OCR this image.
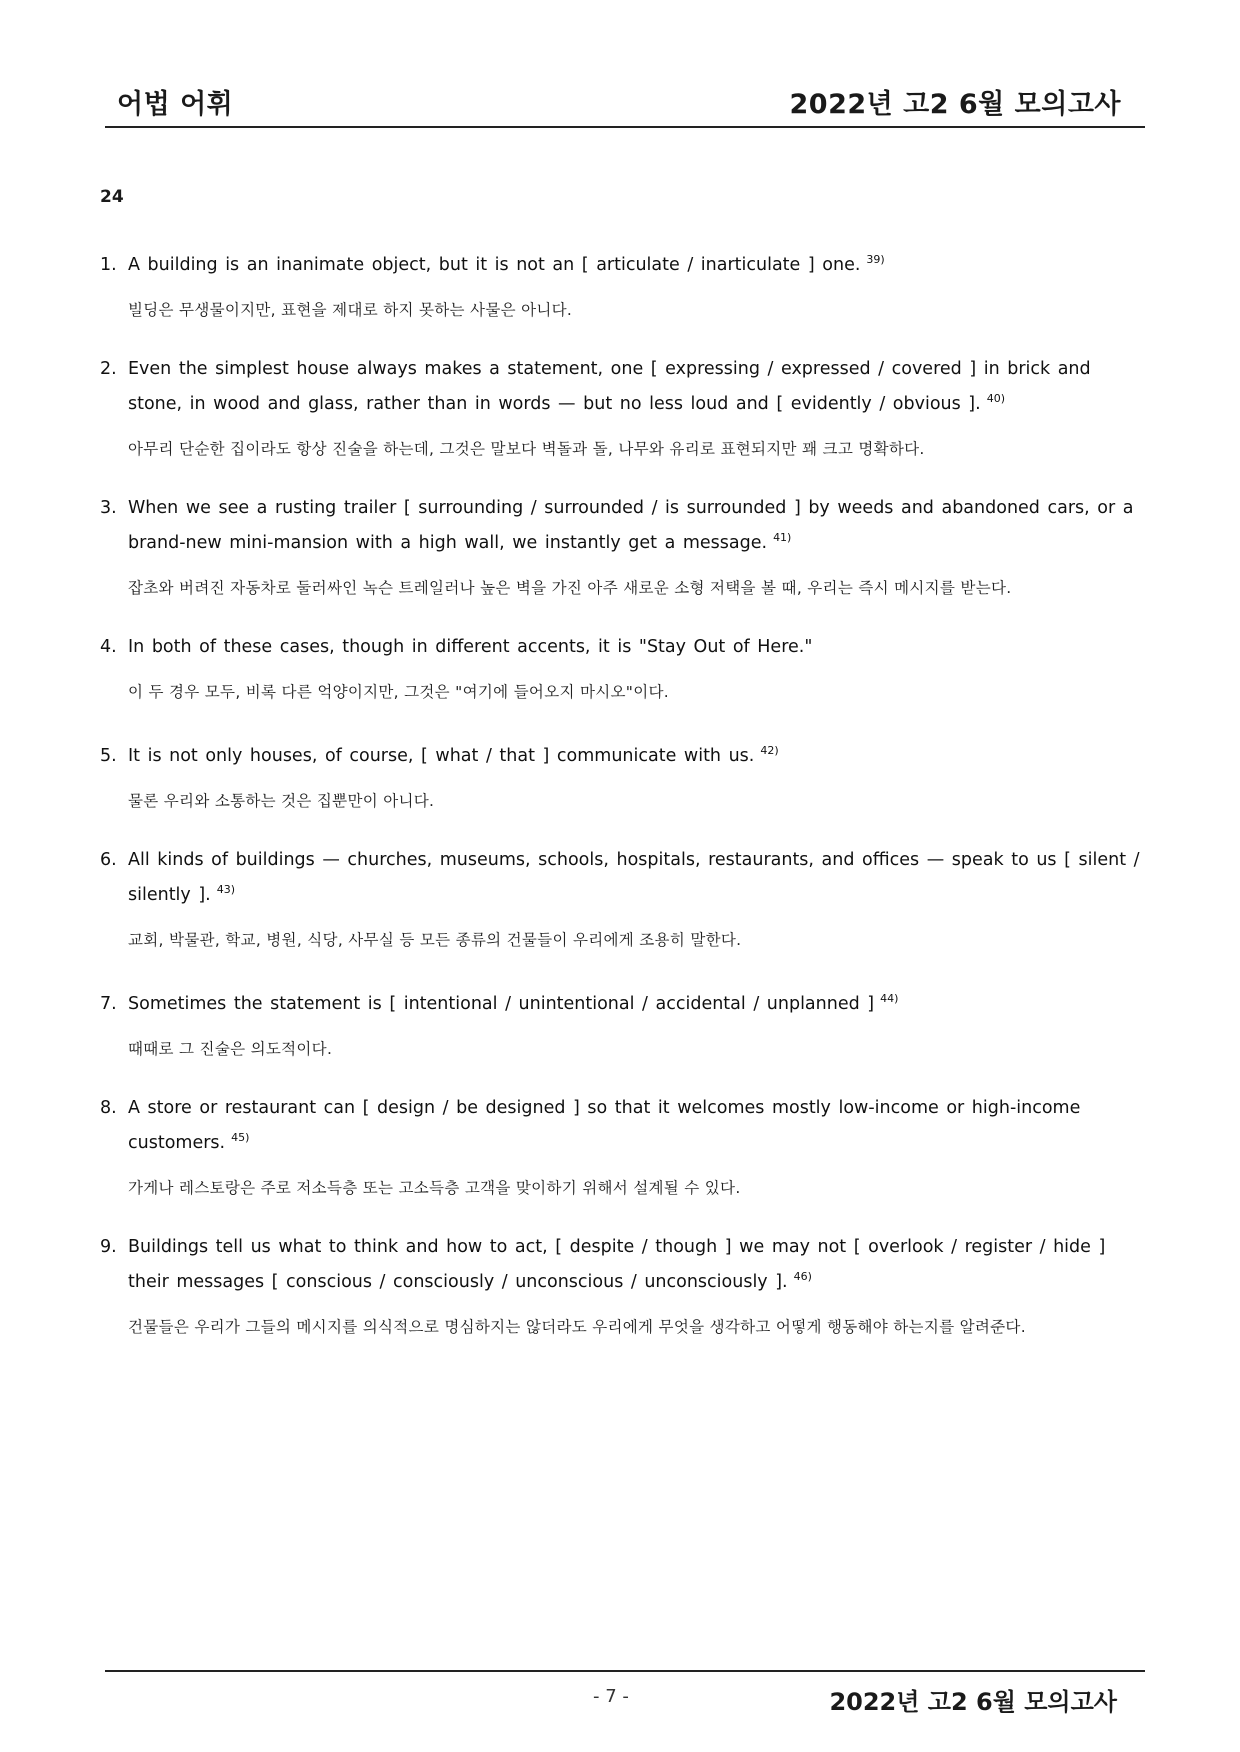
어법 어휘	2022년 고2 6월 모의고사
24
1. A building is an inanimate object, but it is not an [ articulate / inarticulate ] one. $^{39)}$
빌딩은 무생물이지만, 표현을 제대로 하지 못하는 사물은 아니다.
2. Even the simplest house always makes a statement, one [ expressing / expressed / covered ] in brick and stone, in wood and glass, rather than in words — but no less loud and [ evidently / obvious ]. $^{40)}$
아무리 단순한 집이라도 항상 진술을 하는데, 그것은 말보다 벽돌과 돌, 나무와 유리로 표현되지만 꽤 크고 명확하다.
3. When we see a rusting trailer [ surrounding / surrounded / is surrounded ] by weeds and abandoned cars, or a brand-new mini-mansion with a high wall, we instantly get a message. $^{41)}$
잡초와 버려진 자동차로 둘러싸인 녹슨 트레일러나 높은 벽을 가진 아주 새로운 소형 저택을 볼 때, 우리는 즉시 메시지를 받는다.
4. In both of these cases, though in different accents, it is "Stay Out of Here."
이 두 경우 모두, 비록 다른 억양이지만, 그것은 "여기에 들어오지 마시오"이다.
5. It is not only houses, of course, [ what / that ] communicate with us. $^{42)}$
물론 우리와 소통하는 것은 집뿐만이 아니다.
6. All kinds of buildings — churches, museums, schools, hospitals, restaurants, and offices — speak to us [ silent / silently ]. $^{43)}$
교회, 박물관, 학교, 병원, 식당, 사무실 등 모든 종류의 건물들이 우리에게 조용히 말한다.
7. Sometimes the statement is [ intentional / unintentional / accidental / unplanned ] $^{44)}$
때때로 그 진술은 의도적이다.
8. A store or restaurant can [ design / be designed ] so that it welcomes mostly low-income or high-income customers. $^{45)}$
가게나 레스토랑은 주로 저소득층 또는 고소득층 고객을 맞이하기 위해서 설계될 수 있다.
9. Buildings tell us what to think and how to act, [ despite / though ] we may not [ overlook / register / hide ] their messages [ conscious / consciously / unconscious / unconsciously ]. $^{46)}$
건물들은 우리가 그들의 메시지를 의식적으로 명심하지는 않더라도 우리에게 무엇을 생각하고 어떻게 행동해야 하는지를 알려준다.
- 7 -	2022년 고2 6월 모의고사
